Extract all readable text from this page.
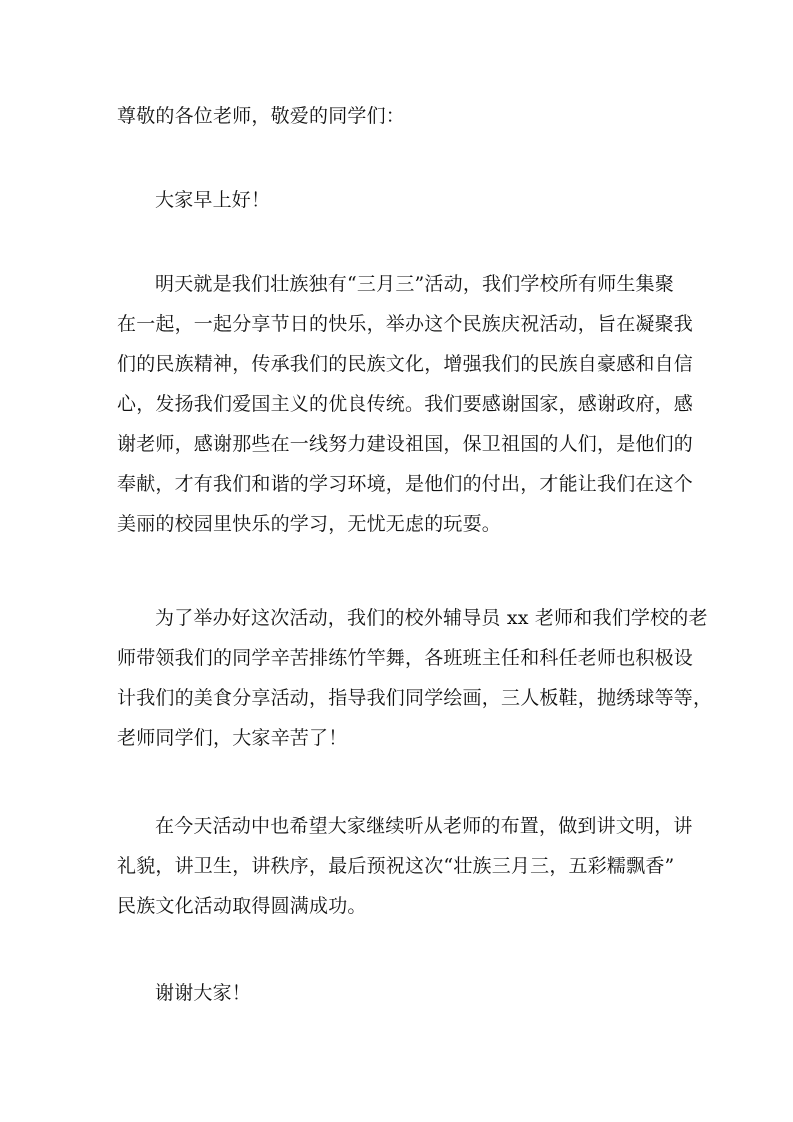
尊敬的各位老师，敬爱的同学们：
大家早上好！
明天就是我们壮族独有“三月三”活动，我们学校所有师生集聚
在一起，一起分享节日的快乐，举办这个民族庆祝活动，旨在凝聚我
们的民族精神，传承我们的民族文化，增强我们的民族自豪感和自信
心，发扬我们爱国主义的优良传统。我们要感谢国家，感谢政府，感
谢老师，感谢那些在一线努力建设祖国，保卫祖国的人们，是他们的
奉献，才有我们和谐的学习环境，是他们的付出，才能让我们在这个
美丽的校园里快乐的学习，无忧无虑的玩耍。
为了举办好这次活动，我们的校外辅导员 xx 老师和我们学校的老
师带领我们的同学辛苦排练竹竿舞，各班班主任和科任老师也积极设
计我们的美食分享活动，指导我们同学绘画，三人板鞋，抛绣球等等，
老师同学们，大家辛苦了！
在今天活动中也希望大家继续听从老师的布置，做到讲文明，讲
礼貌，讲卫生，讲秩序，最后预祝这次“壮族三月三，五彩糯飘香”
民族文化活动取得圆满成功。
谢谢大家！
